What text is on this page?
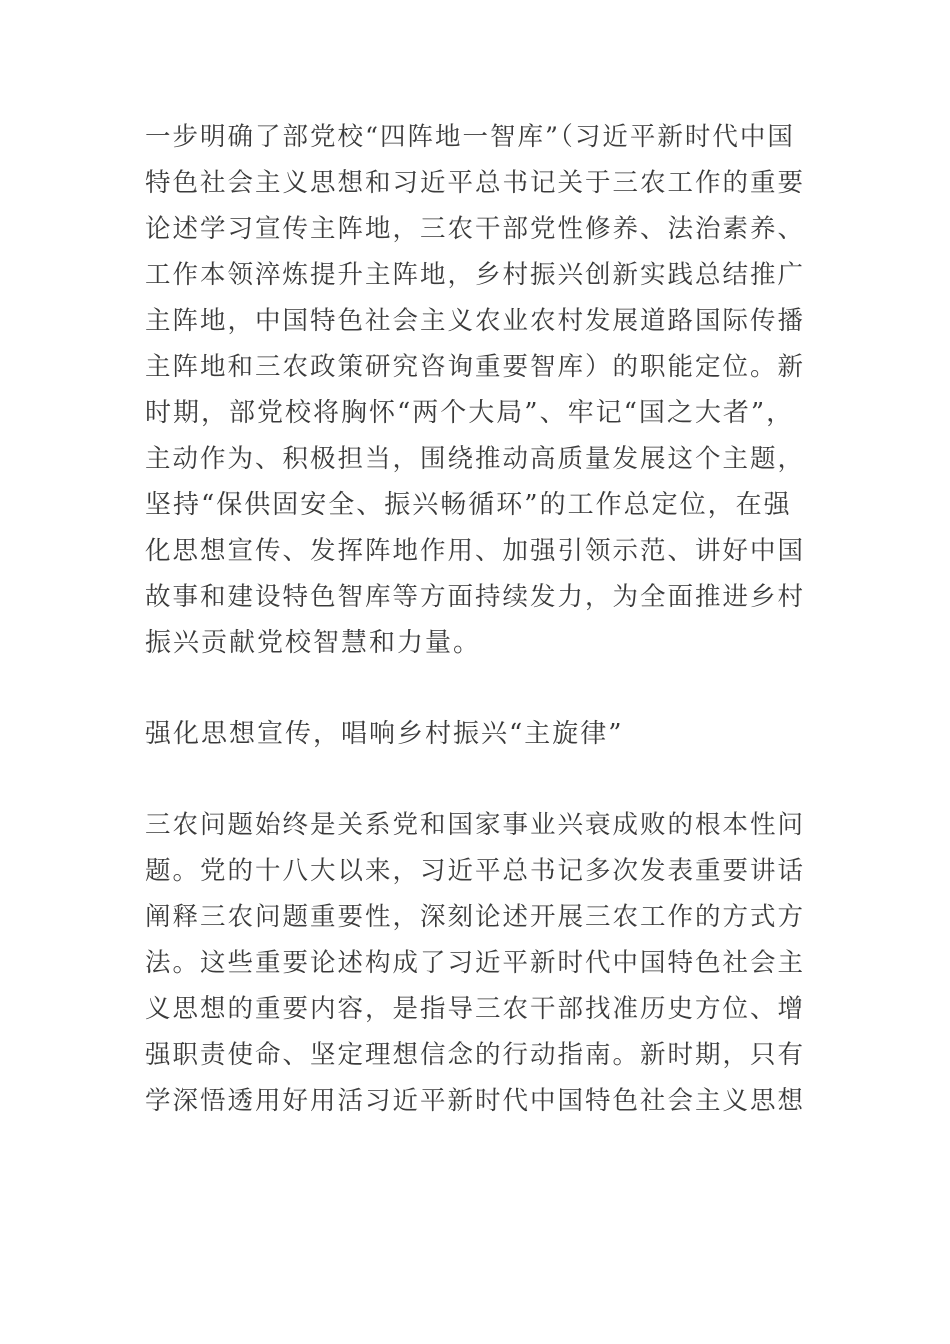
一步明确了部党校“四阵地一智库”（习近平新时代中国
特色社会主义思想和习近平总书记关于三农工作的重要
论述学习宣传主阵地，三农干部党性修养、法治素养、
工作本领淬炼提升主阵地，乡村振兴创新实践总结推广
主阵地，中国特色社会主义农业农村发展道路国际传播
主阵地和三农政策研究咨询重要智库）的职能定位。新
时期，部党校将胸怀“两个大局”、牢记“国之大者”，
主动作为、积极担当，围绕推动高质量发展这个主题，
坚持“保供固安全、振兴畅循环”的工作总定位，在强
化思想宣传、发挥阵地作用、加强引领示范、讲好中国
故事和建设特色智库等方面持续发力，为全面推进乡村
振兴贡献党校智慧和力量。
强化思想宣传，唱响乡村振兴“主旋律”
三农问题始终是关系党和国家事业兴衰成败的根本性问
题。党的十八大以来，习近平总书记多次发表重要讲话
阐释三农问题重要性，深刻论述开展三农工作的方式方
法。这些重要论述构成了习近平新时代中国特色社会主
义思想的重要内容，是指导三农干部找准历史方位、增
强职责使命、坚定理想信念的行动指南。新时期，只有
学深悟透用好用活习近平新时代中国特色社会主义思想
